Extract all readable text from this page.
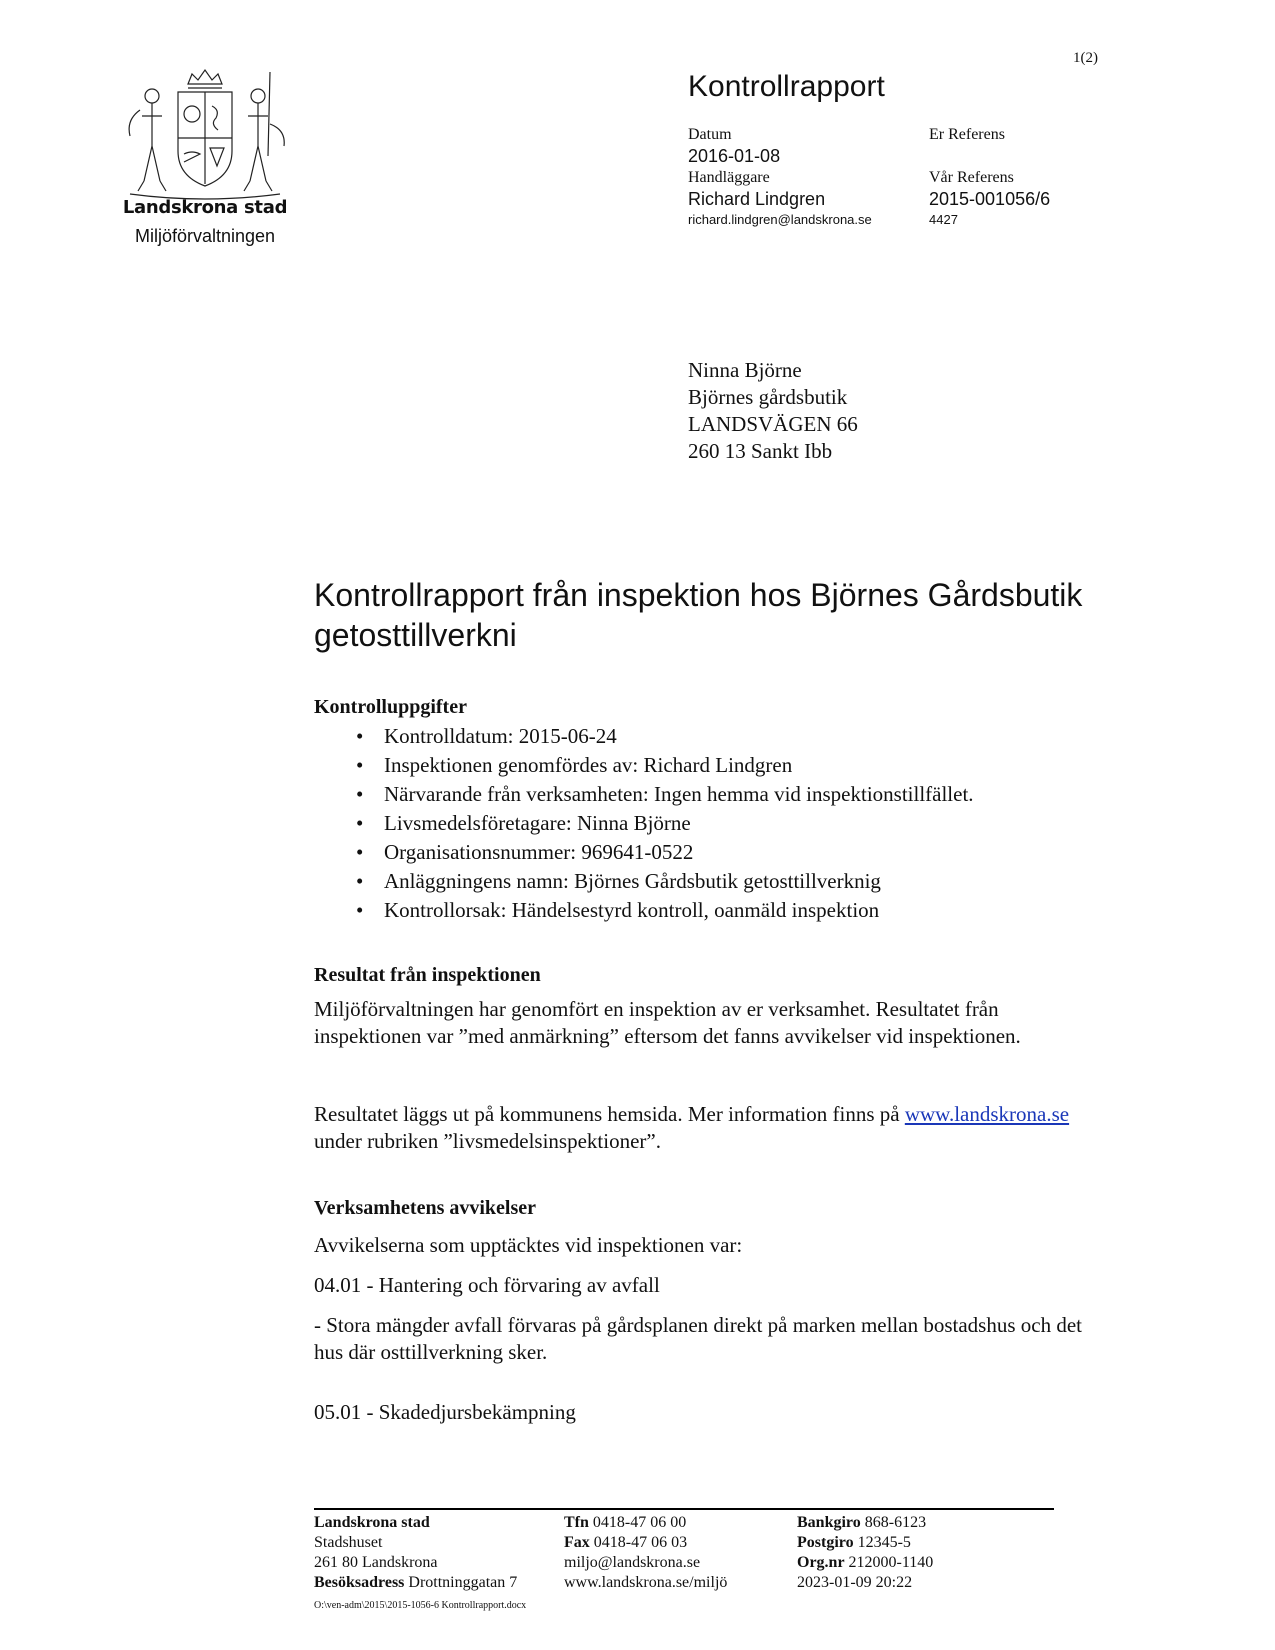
1(2)
Landskrona stad
Miljöförvaltningen
Kontrollrapport
Datum
2016-01-08
Handläggare
Richard Lindgren
richard.lindgren@landskrona.se
Er Referens
Vår Referens
2015-001056/6
4427
Ninna Björne
Björnes gårdsbutik
LANDSVÄGEN 66
260 13 Sankt Ibb
Kontrollrapport från inspektion hos Björnes Gårdsbutik getosttillverkni
Kontrolluppgifter
• Kontrolldatum: 2015-06-24
• Inspektionen genomfördes av: Richard Lindgren
• Närvarande från verksamheten: Ingen hemma vid inspektionstillfället.
• Livsmedelsföretagare: Ninna Björne
• Organisationsnummer: 969641-0522
• Anläggningens namn: Björnes Gårdsbutik getosttillverknig
• Kontrollorsak: Händelsestyrd kontroll, oanmäld inspektion
Resultat från inspektionen
Miljöförvaltningen har genomfört en inspektion av er verksamhet. Resultatet från inspektionen var ”med anmärkning” eftersom det fanns avvikelser vid inspektionen.
Resultatet läggs ut på kommunens hemsida. Mer information finns på www.landskrona.se under rubriken ”livsmedelsinspektioner”.
Verksamhetens avvikelser
Avvikelserna som upptäcktes vid inspektionen var:
04.01 - Hantering och förvaring av avfall
- Stora mängder avfall förvaras på gårdsplanen direkt på marken mellan bostadshus och det hus där osttillverkning sker.
05.01 - Skadedjursbekämpning
Landskrona stad
Stadshuset
261 80 Landskrona
Besöksadress Drottninggatan 7
Tfn 0418-47 06 00
Fax 0418-47 06 03
miljo@landskrona.se
www.landskrona.se/miljö
Bankgiro 868-6123
Postgiro 12345-5
Org.nr 212000-1140
2023-01-09 20:22
O:\ven-adm\2015\2015-1056-6 Kontrollrapport.docx
